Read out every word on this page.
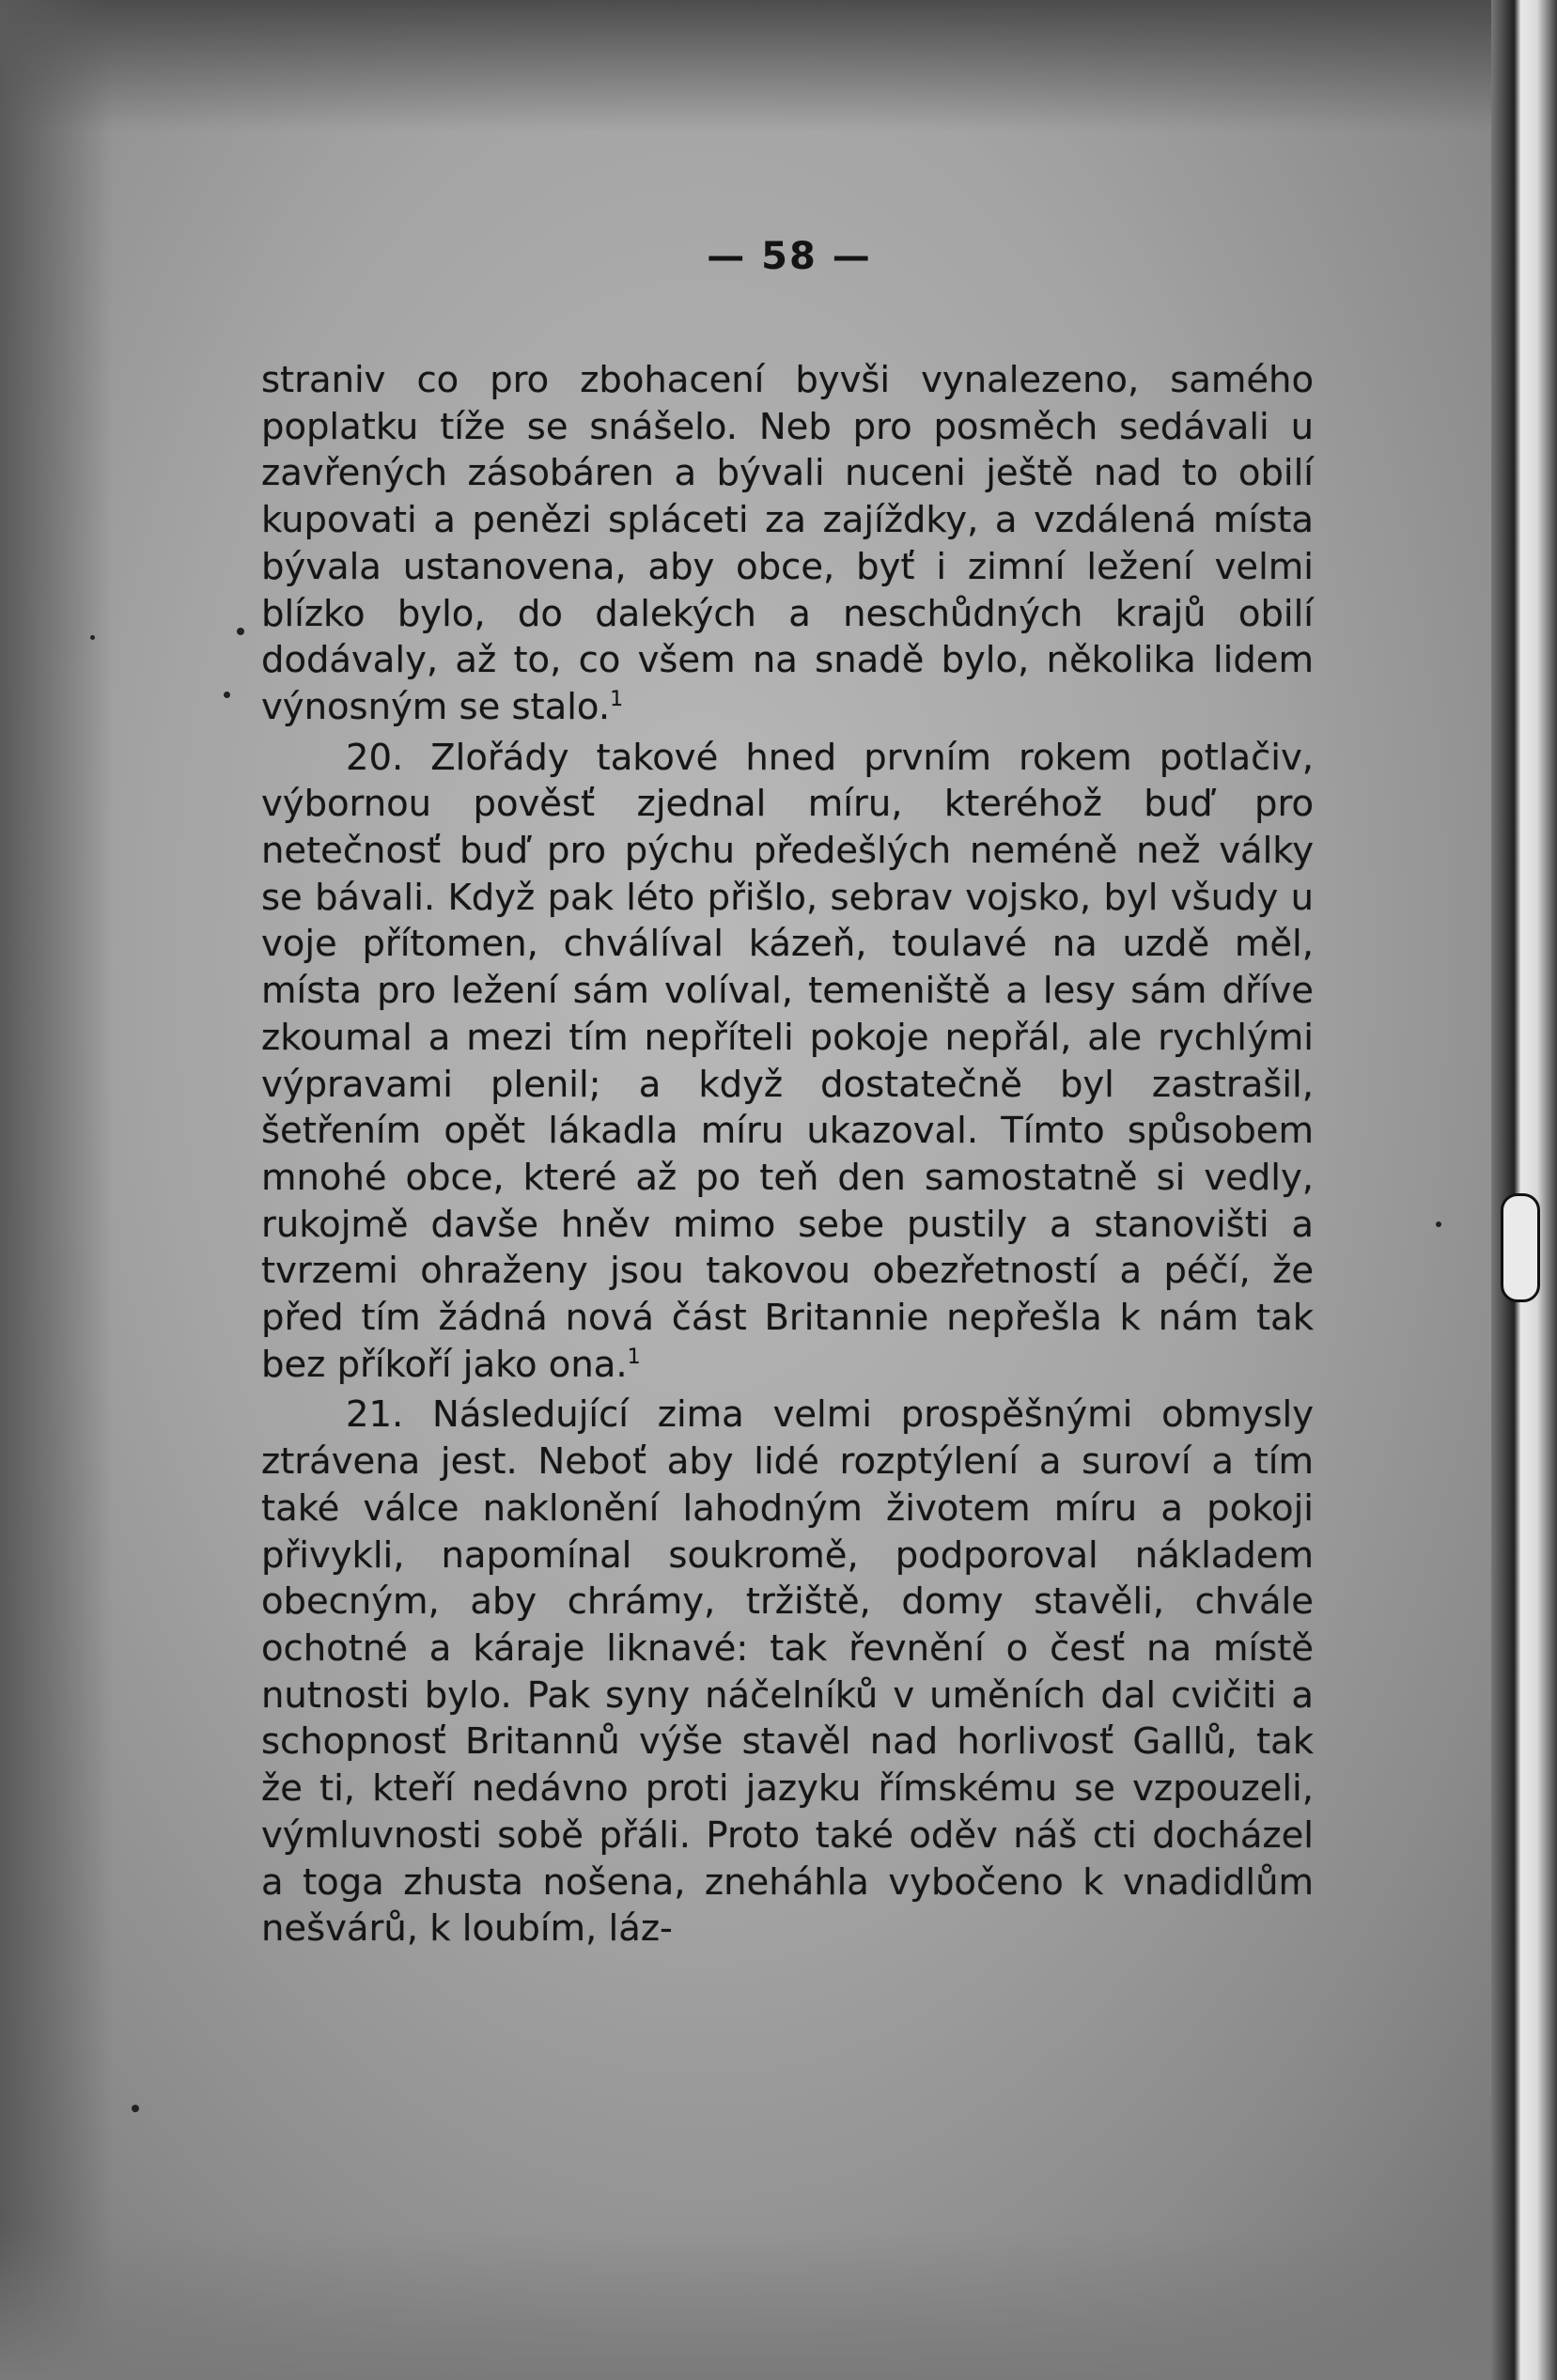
— 58 —

straniv co pro zbohacení byvši vynalezeno, samého poplatku tíže se snášelo. Neb pro posměch sedávali u zavřených zásobáren a bývali nuceni ještě nad to obilí kupovati a penězi spláceti za zajíždky, a vzdálená místa bývala ustanovena, aby obce, byť i zimní ležení velmi blízko bylo, do dalekých a neschůdných krajů obilí dodávaly, až to, co všem na snadě bylo, několika lidem výnosným se stalo.$^1$

20. Zlořády takové hned prvním rokem potlačiv, výbornou pověsť zjednal míru, kteréhož buď pro netečnosť buď pro pýchu předešlých neméně než války se bávali. Když pak léto přišlo, sebrav vojsko, byl všudy u voje přítomen, chválíval kázeň, toulavé na uzdě měl, místa pro ležení sám volíval, temeniště a lesy sám dříve zkoumal a mezi tím nepříteli pokoje nepřál, ale rychlými výpravami plenil; a když dostatečně byl zastrašil, šetřením opět lákadla míru ukazoval. Tímto spůsobem mnohé obce, které až po teň den samostatně si vedly, rukojmě davše hněv mimo sebe pustily a stanovišti a tvrzemi ohraženy jsou takovou obezřetností a péčí, že před tím žádná nová část Britannie nepřešla k nám tak bez příkoří jako ona.$^1$

21. Následující zima velmi prospěšnými obmysly ztrávena jest. Neboť aby lidé rozptýlení a suroví a tím také válce naklonění lahodným životem míru a pokoji přivykli, napomínal soukromě, podporoval nákladem obecným, aby chrámy, tržiště, domy stavěli, chvále ochotné a káraje liknavé: tak řevnění o česť na místě nutnosti bylo. Pak syny náčelníků v uměních dal cvičiti a schopnosť Britannů výše stavěl nad horlivosť Gallů, tak že ti, kteří nedávno proti jazyku římskému se vzpouzeli, výmluvnosti sobě přáli. Proto také oděv náš cti docházel a toga zhusta nošena, zneháhla vybočeno k vnadidlům nešvárů, k loubím, láz-
